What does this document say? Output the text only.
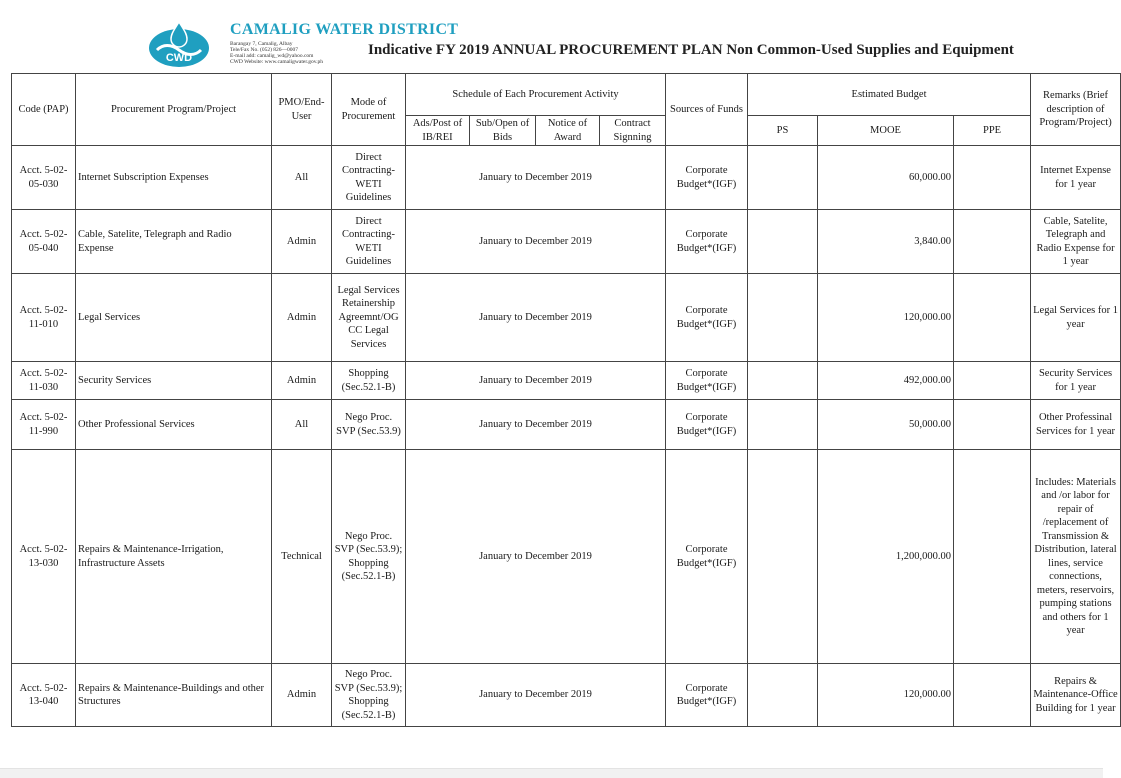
CWD
CAMALIG WATER DISTRICT
Barangay 7, Camalig, Albay
Tele/Fax No. (052) 826—0007
E-mail add: camalig_wd@yahoo.com
CWD Website: www.camaligwater.gov.ph
Indicative FY 2019 ANNUAL PROCUREMENT PLAN Non Common-Used Supplies and Equipment
Code (PAP)	Procurement Program/Project	PMO/End-User	Mode of Procurement	Schedule of Each Procurement Activity				Sources of Funds	Estimated Budget			Remarks (Brief description of Program/Project)
				Ads/Post of IB/REI	Sub/Open of Bids	Notice of Award	Contract Signning		PS	MOOE	PPE	
Acct. 5-02-05-030	Internet Subscription Expenses	All	Direct Contracting-WETI Guidelines	January to December 2019				Corporate Budget*(IGF)		60,000.00		Internet Expense for 1 year
Acct. 5-02-05-040	Cable, Satelite, Telegraph and Radio Expense	Admin	Direct Contracting-WETI Guidelines	January to December 2019				Corporate Budget*(IGF)		3,840.00		Cable, Satelite, Telegraph and Radio Expense for 1 year
Acct. 5-02-11-010	Legal Services	Admin	Legal Services Retainership Agreemnt/OG CC Legal Services	January to December 2019				Corporate Budget*(IGF)		120,000.00		Legal Services for 1 year
Acct. 5-02-11-030	Security Services	Admin	Shopping (Sec.52.1-B)	January to December 2019				Corporate Budget*(IGF)		492,000.00		Security Services for 1 year
Acct. 5-02-11-990	Other Professional Services	All	Nego Proc. SVP (Sec.53.9)	January to December 2019				Corporate Budget*(IGF)		50,000.00		Other Professinal Services for 1 year
Acct. 5-02-13-030	Repairs & Maintenance-Irrigation, Infrastructure Assets	Technical	Nego Proc. SVP (Sec.53.9); Shopping (Sec.52.1-B)	January to December 2019				Corporate Budget*(IGF)		1,200,000.00		Includes: Materials and /or labor for repair of /replacement of Transmission & Distribution, lateral lines, service connections, meters, reservoirs, pumping stations and others for 1 year
Acct. 5-02-13-040	Repairs & Maintenance-Buildings and other Structures	Admin	Nego Proc. SVP (Sec.53.9); Shopping (Sec.52.1-B)	January to December 2019				Corporate Budget*(IGF)		120,000.00		Repairs & Maintenance-Office Building for 1 year
